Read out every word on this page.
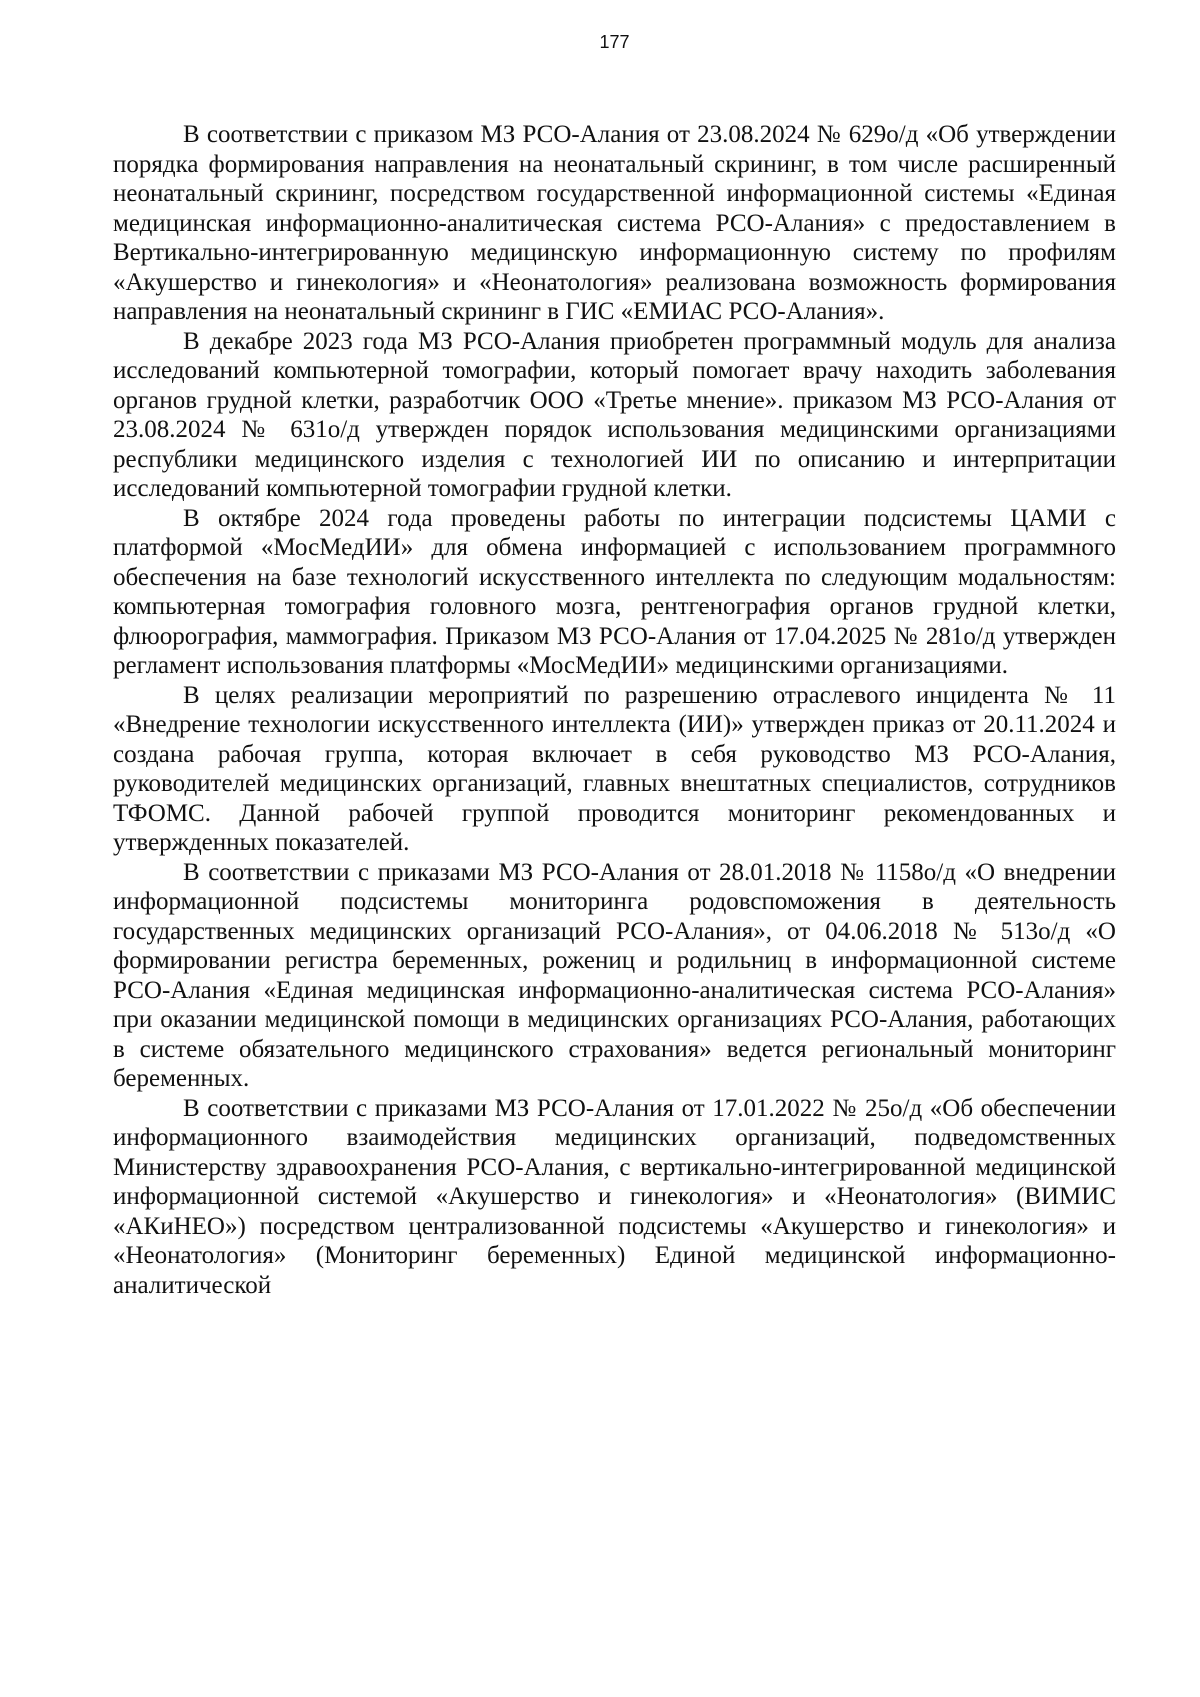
177

В соответствии с приказом МЗ РСО-Алания от 23.08.2024 № 629о/д «Об утверждении порядка формирования направления на неонатальный скрининг, в том числе расширенный неонатальный скрининг, посредством государственной информационной системы «Единая медицинская информационно-аналитическая система РСО-Алания» с предоставлением в Вертикально-интегрированную медицинскую информационную систему по профилям «Акушерство и гинекология» и «Неонатология» реализована возможность формирования направления на неонатальный скрининг в ГИС «ЕМИАС РСО-Алания».

В декабре 2023 года МЗ РСО-Алания приобретен программный модуль для анализа исследований компьютерной томографии, который помогает врачу находить заболевания органов грудной клетки, разработчик ООО «Третье мнение». приказом МЗ РСО-Алания от 23.08.2024 № 631о/д утвержден порядок использования медицинскими организациями республики медицинского изделия с технологией ИИ по описанию и интерпритации исследований компьютерной томографии грудной клетки.

В октябре 2024 года проведены работы по интеграции подсистемы ЦАМИ с платформой «МосМедИИ» для обмена информацией с использованием программного обеспечения на базе технологий искусственного интеллекта по следующим модальностям: компьютерная томография головного мозга, рентгенография органов грудной клетки, флюорография, маммография. Приказом МЗ РСО-Алания от 17.04.2025 № 281о/д утвержден регламент использования платформы «МосМедИИ» медицинскими организациями.

В целях реализации мероприятий по разрешению отраслевого инцидента № 11 «Внедрение технологии искусственного интеллекта (ИИ)» утвержден приказ от 20.11.2024 и создана рабочая группа, которая включает в себя руководство МЗ РСО-Алания, руководителей медицинских организаций, главных внештатных специалистов, сотрудников ТФОМС. Данной рабочей группой проводится мониторинг рекомендованных и утвержденных показателей.

В соответствии с приказами МЗ РСО-Алания от 28.01.2018 № 1158о/д «О внедрении информационной подсистемы мониторинга родовспоможения в деятельность государственных медицинских организаций РСО-Алания», от 04.06.2018 № 513о/д «О формировании регистра беременных, рожениц и родильниц в информационной системе РСО-Алания «Единая медицинская информационно-аналитическая система РСО-Алания» при оказании медицинской помощи в медицинских организациях РСО-Алания, работающих в системе обязательного медицинского страхования» ведется региональный мониторинг беременных.

В соответствии с приказами МЗ РСО-Алания от 17.01.2022 № 25о/д «Об обеспечении информационного взаимодействия медицинских организаций, подведомственных Министерству здравоохранения РСО-Алания, с вертикально-интегрированной медицинской информационной системой «Акушерство и гинекология» и «Неонатология» (ВИМИС «АКиНЕО») посредством централизованной подсистемы «Акушерство и гинекология» и «Неонатология» (Мониторинг беременных) Единой медицинской информационно-аналитической
